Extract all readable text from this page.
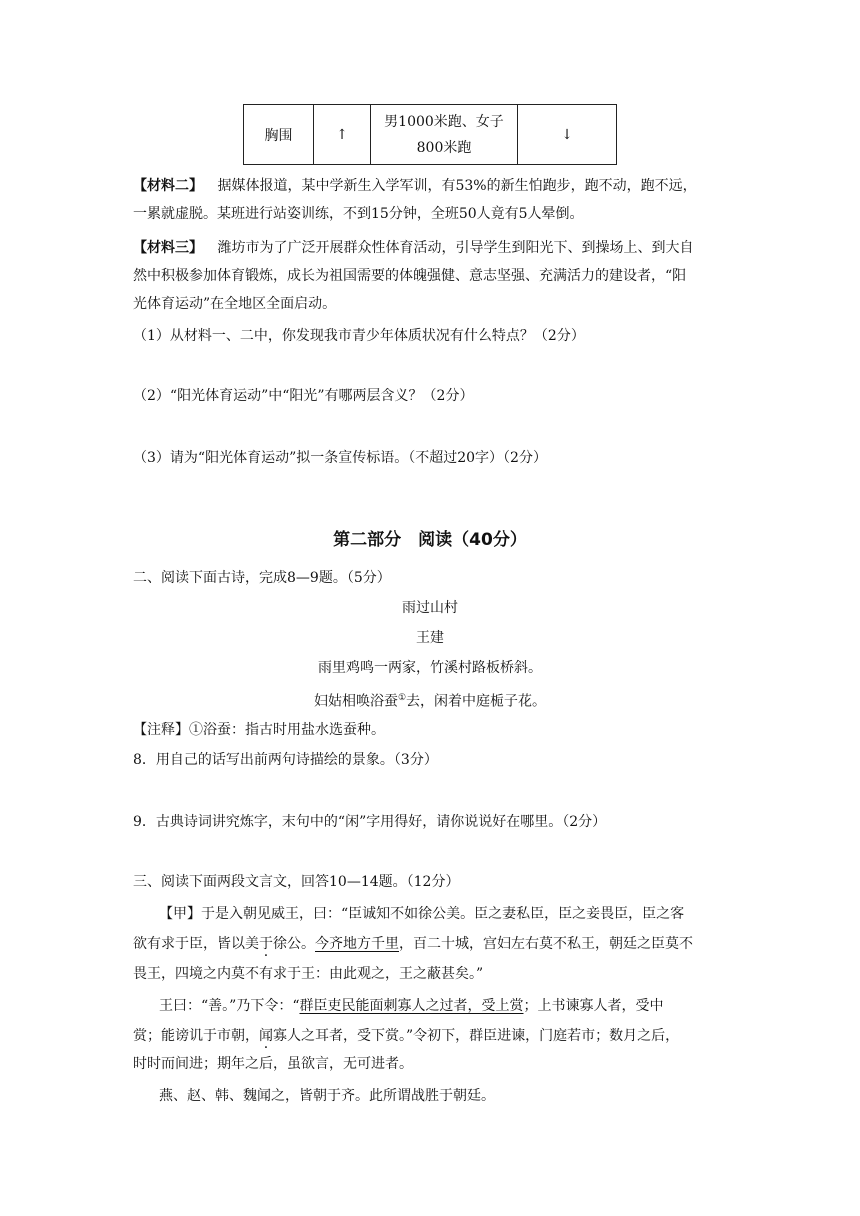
胸围	↑	男1000米跑、女子800米跑	↓
【材料二】 据媒体报道，某中学新生入学军训，有53%的新生怕跑步，跑不动，跑不远，
一累就虚脱。某班进行站姿训练，不到15分钟，全班50人竟有5人晕倒。
【材料三】 潍坊市为了广泛开展群众性体育活动，引导学生到阳光下、到操场上、到大自
然中积极参加体育锻炼，成长为祖国需要的体魄强健、意志坚强、充满活力的建设者，“阳
光体育运动”在全地区全面启动。
（1）从材料一、二中，你发现我市青少年体质状况有什么特点？（2分）
（2）“阳光体育运动”中“阳光”有哪两层含义？（2分）
（3）请为“阳光体育运动”拟一条宣传标语。（不超过20字）（2分）
第二部分　阅读（40分）
二、阅读下面古诗，完成8—9题。（5分）
雨过山村
王建
雨里鸡鸣一两家，竹溪村路板桥斜。
妇姑相唤浴蚕①去，闲着中庭栀子花。
【注释】①浴蚕：指古时用盐水选蚕种。
8．用自己的话写出前两句诗描绘的景象。（3分）
9．古典诗词讲究炼字，末句中的“闲”字用得好，请你说说好在哪里。（2分）
三、阅读下面两段文言文，回答10—14题。（12分）
【甲】于是入朝见威王，曰：“臣诚知不如徐公美。臣之妻私臣，臣之妾畏臣，臣之客
欲有求于臣，皆以美于徐公。今齐地方千里，百二十城，宫妇左右莫不私王，朝廷之臣莫不
畏王，四境之内莫不有求于王：由此观之，王之蔽甚矣。”
王曰：“善。”乃下令：“群臣吏民能面刺寡人之过者，受上赏；上书谏寡人者，受中
赏；能谤讥于市朝，闻寡人之耳者，受下赏。”令初下，群臣进谏，门庭若市；数月之后，
时时而间进；期年之后，虽欲言，无可进者。
燕、赵、韩、魏闻之，皆朝于齐。此所谓战胜于朝廷。
